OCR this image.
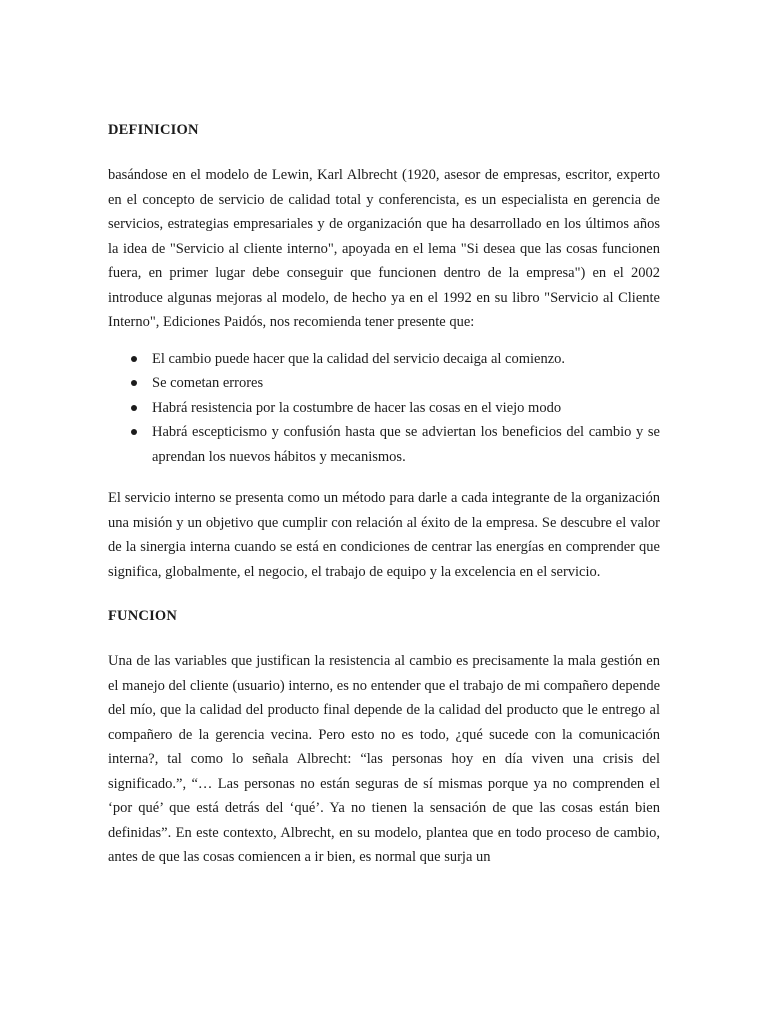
DEFINICION

basándose en el modelo de Lewin, Karl Albrecht (1920, asesor de empresas, escritor, experto en el concepto de servicio de calidad total y conferencista, es un especialista en gerencia de servicios, estrategias empresariales y de organización que ha desarrollado en los últimos años la idea de "Servicio al cliente interno", apoyada en el lema "Si desea que las cosas funcionen fuera, en primer lugar debe conseguir que funcionen dentro de la empresa") en el 2002 introduce algunas mejoras al modelo, de hecho ya en el 1992 en su libro "Servicio al Cliente Interno", Ediciones Paidós, nos recomienda tener presente que:

El cambio puede hacer que la calidad del servicio decaiga al comienzo.
Se cometan errores
Habrá resistencia por la costumbre de hacer las cosas en el viejo modo
Habrá escepticismo y confusión hasta que se adviertan los beneficios del cambio y se aprendan los nuevos hábitos y mecanismos.

El servicio interno se presenta como un método para darle a cada integrante de la organización una misión y un objetivo que cumplir con relación al éxito de la empresa. Se descubre el valor de la sinergia interna cuando se está en condiciones de centrar las energías en comprender que significa, globalmente, el negocio, el trabajo de equipo y la excelencia en el servicio.

FUNCION

Una de las variables que justifican la resistencia al cambio es precisamente la mala gestión en el manejo del cliente (usuario) interno, es no entender que el trabajo de mi compañero depende del mío, que la calidad del producto final depende de la calidad del producto que le entrego al compañero de la gerencia vecina. Pero esto no es todo, ¿qué sucede con la comunicación interna?, tal como lo señala Albrecht: “las personas hoy en día viven una crisis del significado.”, “… Las personas no están seguras de sí mismas porque ya no comprenden el ‘por qué’ que está detrás del ‘qué’. Ya no tienen la sensación de que las cosas están bien definidas”. En este contexto, Albrecht, en su modelo, plantea que en todo proceso de cambio, antes de que las cosas comiencen a ir bien, es normal que surja un
